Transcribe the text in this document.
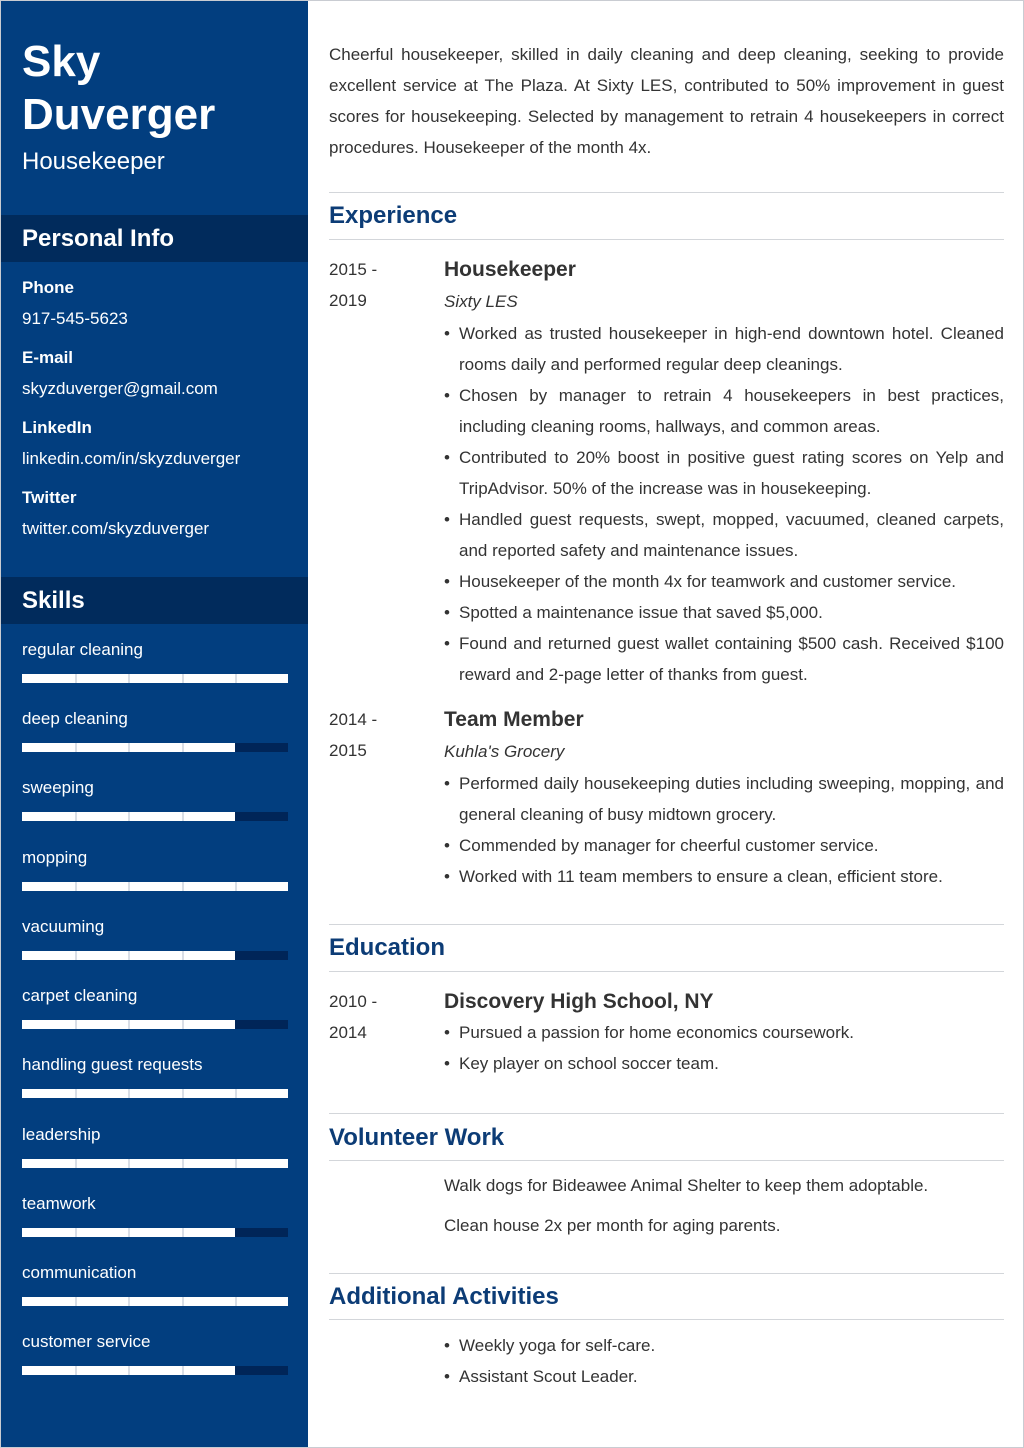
Sky
Duverger
Housekeeper
Personal Info
Phone
917-545-5623
E-mail
skyzduverger@gmail.com
LinkedIn
linkedin.com/in/skyzduverger
Twitter
twitter.com/skyzduverger
Skills
regular cleaning
deep cleaning
sweeping
mopping
vacuuming
carpet cleaning
handling guest requests
leadership
teamwork
communication
customer service

Cheerful housekeeper, skilled in daily cleaning and deep cleaning, seeking to provide excellent service at The Plaza. At Sixty LES, contributed to 50% improvement in guest scores for housekeeping. Selected by management to retrain 4 housekeepers in correct procedures. Housekeeper of the month 4x.

Experience
2015 -
2019
Housekeeper
Sixty LES
• Worked as trusted housekeeper in high-end downtown hotel. Cleaned rooms daily and performed regular deep cleanings.
• Chosen by manager to retrain 4 housekeepers in best practices, including cleaning rooms, hallways, and common areas.
• Contributed to 20% boost in positive guest rating scores on Yelp and TripAdvisor. 50% of the increase was in housekeeping.
• Handled guest requests, swept, mopped, vacuumed, cleaned carpets, and reported safety and maintenance issues.
• Housekeeper of the month 4x for teamwork and customer service.
• Spotted a maintenance issue that saved $5,000.
• Found and returned guest wallet containing $500 cash. Received $100 reward and 2-page letter of thanks from guest.
2014 -
2015
Team Member
Kuhla's Grocery
• Performed daily housekeeping duties including sweeping, mopping, and general cleaning of busy midtown grocery.
• Commended by manager for cheerful customer service.
• Worked with 11 team members to ensure a clean, efficient store.
Education
2010 -
2014
Discovery High School, NY
• Pursued a passion for home economics coursework.
• Key player on school soccer team.
Volunteer Work
Walk dogs for Bideawee Animal Shelter to keep them adoptable.
Clean house 2x per month for aging parents.
Additional Activities
• Weekly yoga for self-care.
• Assistant Scout Leader.
